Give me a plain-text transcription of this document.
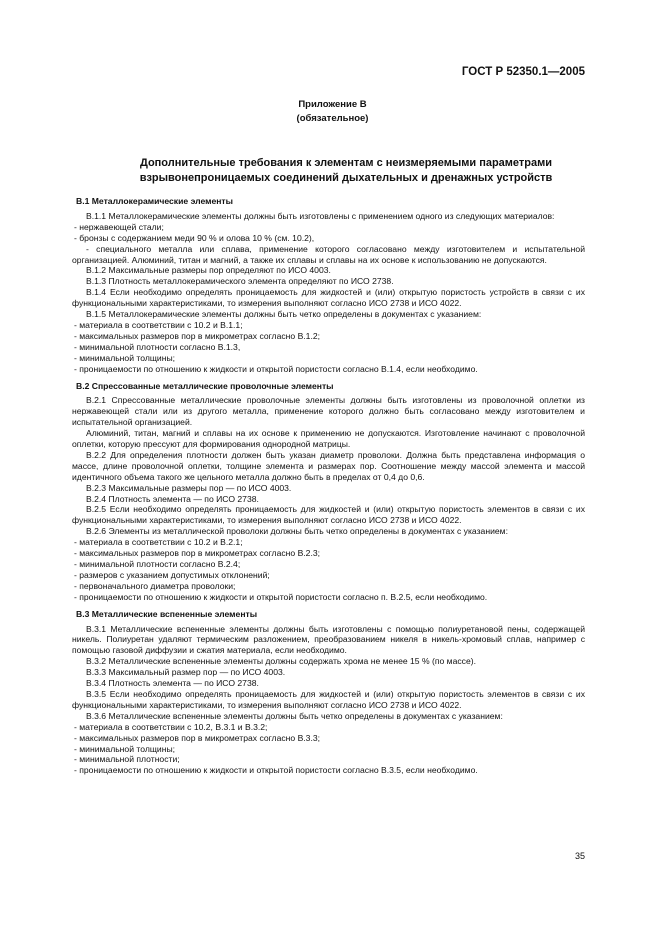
ГОСТ Р 52350.1—2005
Приложение В
(обязательное)
Дополнительные требования к элементам с неизмеряемыми параметрами
взрывонепроницаемых соединений дыхательных и дренажных устройств
В.1 Металлокерамические элементы
В.1.1 Металлокерамические элементы должны быть изготовлены с применением одного из следующих материалов:
- нержавеющей стали;
- бронзы с содержанием меди 90 % и олова 10 % (см. 10.2),
- специального металла или сплава, применение которого согласовано между изготовителем и испытательной организацией. Алюминий, титан и магний, а также их сплавы и сплавы на их основе к использованию не допускаются.
В.1.2 Максимальные размеры пор определяют по ИСО 4003.
В.1.3 Плотность металлокерамического элемента определяют по ИСО 2738.
В.1.4 Если необходимо определять проницаемость для жидкостей и (или) открытую пористость устройств в связи с их функциональными характеристиками, то измерения выполняют согласно ИСО 2738 и ИСО 4022.
В.1.5 Металлокерамические элементы должны быть четко определены в документах с указанием:
- материала в соответствии с 10.2 и В.1.1;
- максимальных размеров пор в микрометрах согласно В.1.2;
- минимальной плотности согласно В.1.3,
- минимальной толщины;
- проницаемости по отношению к жидкости и открытой пористости согласно В.1.4, если необходимо.
В.2 Спрессованные металлические проволочные элементы
В.2.1 Спрессованные металлические проволочные элементы должны быть изготовлены из проволочной оплетки из нержавеющей стали или из другого металла, применение которого должно быть согласовано между изготовителем и испытательной организацией.
Алюминий, титан, магний и сплавы на их основе к применению не допускаются. Изготовление начинают с проволочной оплетки, которую прессуют для формирования однородной матрицы.
В.2.2 Для определения плотности должен быть указан диаметр проволоки. Должна быть представлена информация о массе, длине проволочной оплетки, толщине элемента и размерах пор. Соотношение между массой элемента и массой идентичного объема такого же цельного металла должно быть в пределах от 0,4 до 0,6.
В.2.3 Максимальные размеры пор — по ИСО 4003.
В.2.4 Плотность элемента — по ИСО 2738.
В.2.5 Если необходимо определять проницаемость для жидкостей и (или) открытую пористость элементов в связи с их функциональными характеристиками, то измерения выполняют согласно ИСО 2738 и ИСО 4022.
В.2.6 Элементы из металлической проволоки должны быть четко определены в документах с указанием:
- материала в соответствии с 10.2 и В.2.1;
- максимальных размеров пор в микрометрах согласно В.2.3;
- минимальной плотности согласно В.2.4;
- размеров с указанием допустимых отклонений;
- первоначального диаметра проволоки;
- проницаемости по отношению к жидкости и открытой пористости согласно п. В.2.5, если необходимо.
В.3 Металлические вспененные элементы
В.3.1 Металлические вспененные элементы должны быть изготовлены с помощью полиуретановой пены, содержащей никель. Полиуретан удаляют термическим разложением, преобразованием никеля в никель-хромовый сплав, например с помощью газовой диффузии и сжатия материала, если необходимо.
В.3.2 Металлические вспененные элементы должны содержать хрома не менее 15 % (по массе).
В.3.3 Максимальный размер пор — по ИСО 4003.
В.3.4 Плотность элемента — по ИСО 2738.
В.3.5 Если необходимо определять проницаемость для жидкостей и (или) открытую пористость элементов в связи с их функциональными характеристиками, то измерения выполняют согласно ИСО 2738 и ИСО 4022.
В.3.6 Металлические вспененные элементы должны быть четко определены в документах с указанием:
- материала в соответствии с 10.2, В.3.1 и В.3.2;
- максимальных размеров пор в микрометрах согласно В.3.3;
- минимальной толщины;
- минимальной плотности;
- проницаемости по отношению к жидкости и открытой пористости согласно В.3.5, если необходимо.
35
